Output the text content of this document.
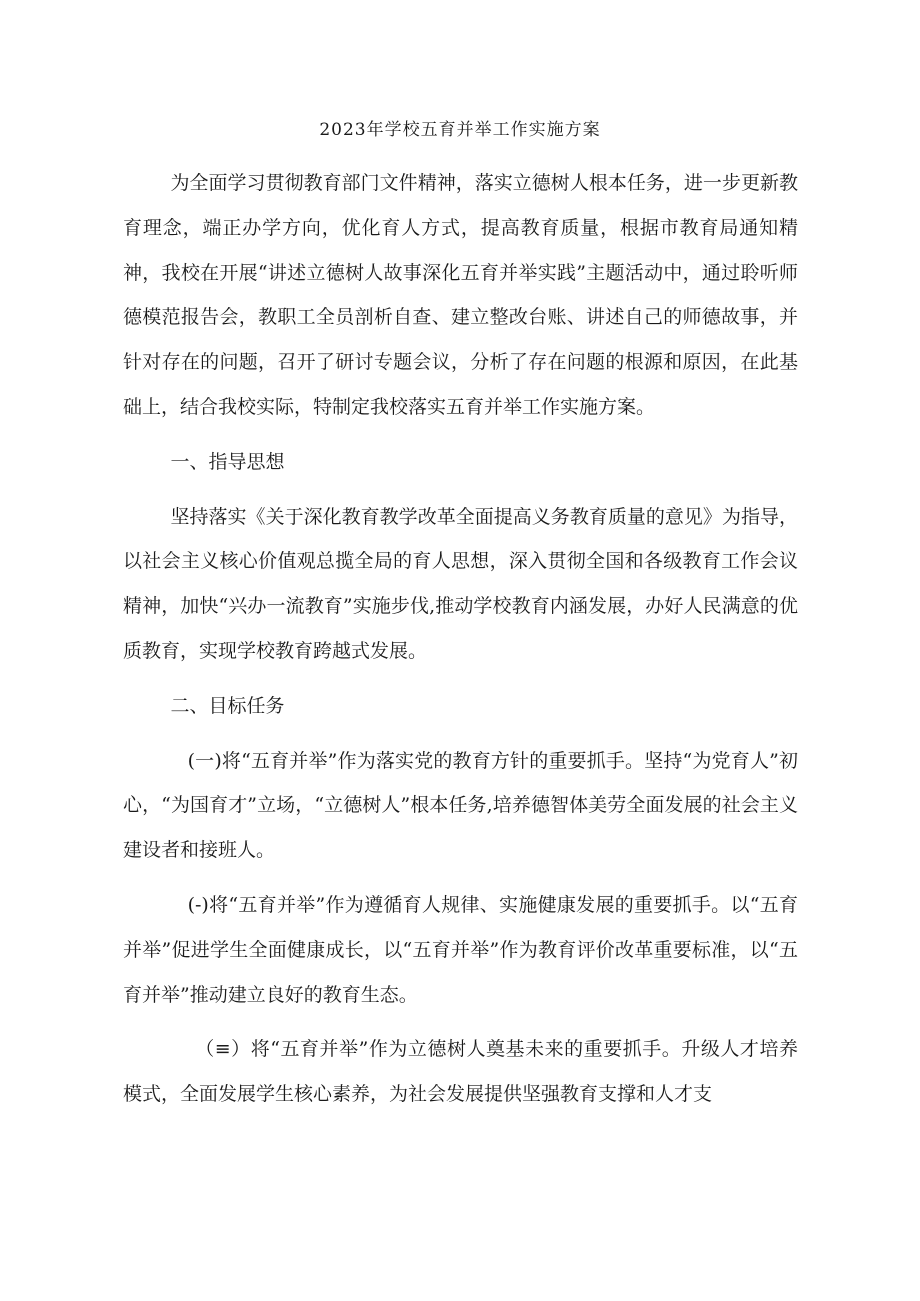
2023年学校五育并举工作实施方案

为全面学习贯彻教育部门文件精神，落实立德树人根本任务，进一步更新教育理念，端正办学方向，优化育人方式，提高教育质量，根据市教育局通知精神，我校在开展“讲述立德树人故事深化五育并举实践”主题活动中，通过聆听师德模范报告会，教职工全员剖析自查、建立整改台账、讲述自己的师德故事，并针对存在的问题，召开了研讨专题会议，分析了存在问题的根源和原因，在此基础上，结合我校实际，特制定我校落实五育并举工作实施方案。

一、指导思想

坚持落实《关于深化教育教学改革全面提高义务教育质量的意见》为指导，以社会主义核心价值观总揽全局的育人思想，深入贯彻全国和各级教育工作会议精神，加快“兴办一流教育”实施步伐,推动学校教育内涵发展，办好人民满意的优质教育，实现学校教育跨越式发展。

二、目标任务

(一)将“五育并举”作为落实党的教育方针的重要抓手。坚持“为党育人”初心，“为国育才”立场，“立德树人”根本任务,培养德智体美劳全面发展的社会主义建设者和接班人。

(-)将“五育并举”作为遵循育人规律、实施健康发展的重要抓手。以“五育并举”促进学生全面健康成长，以“五育并举”作为教育评价改革重要标准，以“五育并举”推动建立良好的教育生态。

（≡）将“五育并举”作为立德树人奠基未来的重要抓手。升级人才培养模式，全面发展学生核心素养，为社会发展提供坚强教育支撑和人才支
